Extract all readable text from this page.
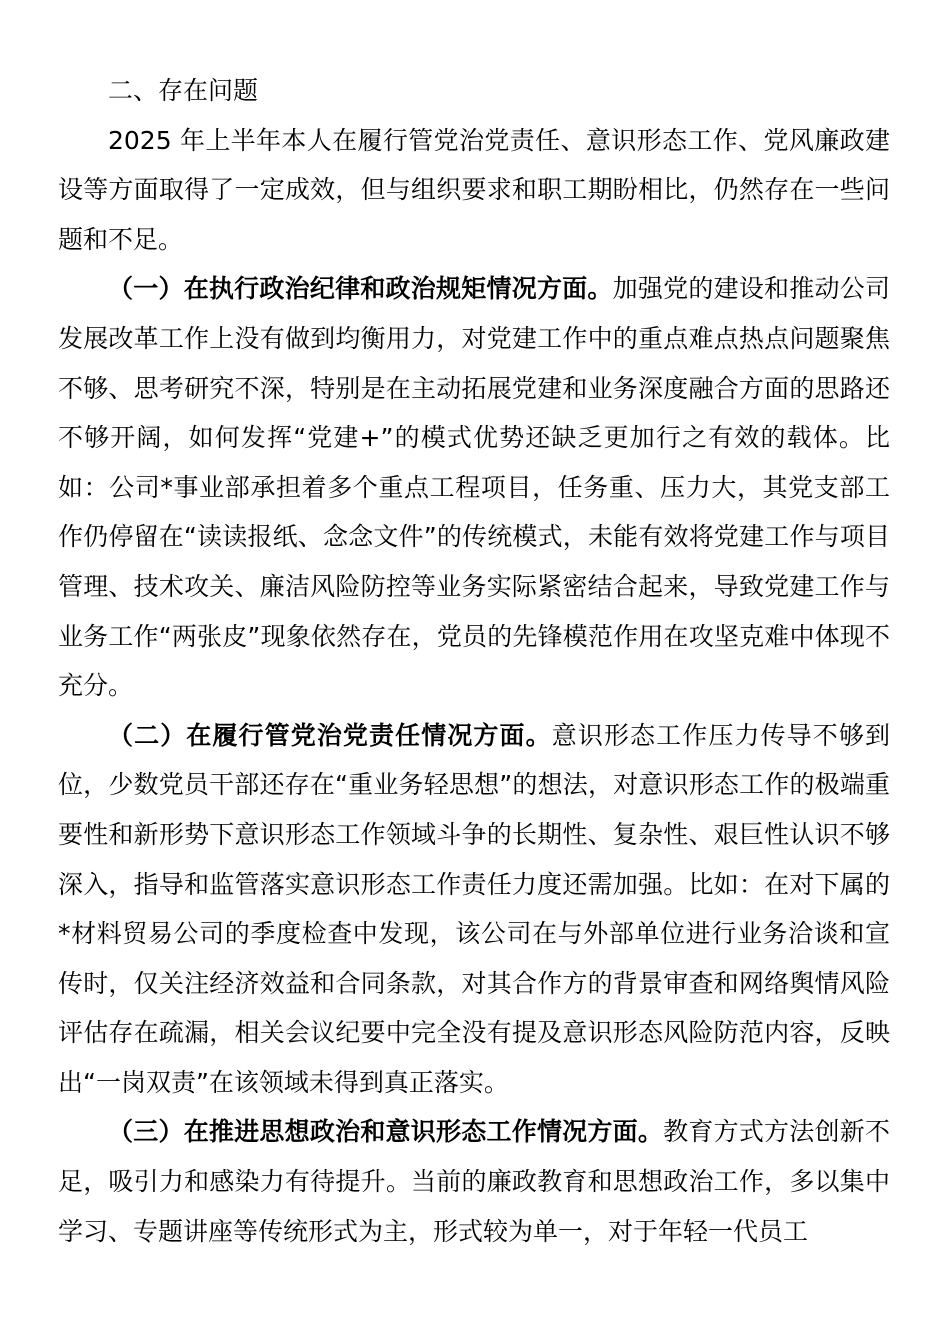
二、存在问题

2025 年上半年本人在履行管党治党责任、意识形态工作、党风廉政建设等方面取得了一定成效，但与组织要求和职工期盼相比，仍然存在一些问题和不足。

（一）在执行政治纪律和政治规矩情况方面。加强党的建设和推动公司发展改革工作上没有做到均衡用力，对党建工作中的重点难点热点问题聚焦不够、思考研究不深，特别是在主动拓展党建和业务深度融合方面的思路还不够开阔，如何发挥“党建+”的模式优势还缺乏更加行之有效的载体。比如：公司*事业部承担着多个重点工程项目，任务重、压力大，其党支部工作仍停留在“读读报纸、念念文件”的传统模式，未能有效将党建工作与项目管理、技术攻关、廉洁风险防控等业务实际紧密结合起来，导致党建工作与业务工作“两张皮”现象依然存在，党员的先锋模范作用在攻坚克难中体现不充分。

（二）在履行管党治党责任情况方面。意识形态工作压力传导不够到位，少数党员干部还存在“重业务轻思想”的想法，对意识形态工作的极端重要性和新形势下意识形态工作领域斗争的长期性、复杂性、艰巨性认识不够深入，指导和监管落实意识形态工作责任力度还需加强。比如：在对下属的*材料贸易公司的季度检查中发现，该公司在与外部单位进行业务洽谈和宣传时，仅关注经济效益和合同条款，对其合作方的背景审查和网络舆情风险评估存在疏漏，相关会议纪要中完全没有提及意识形态风险防范内容，反映出“一岗双责”在该领域未得到真正落实。

（三）在推进思想政治和意识形态工作情况方面。教育方式方法创新不足，吸引力和感染力有待提升。当前的廉政教育和思想政治工作，多以集中学习、专题讲座等传统形式为主，形式较为单一，对于年轻一代员工
